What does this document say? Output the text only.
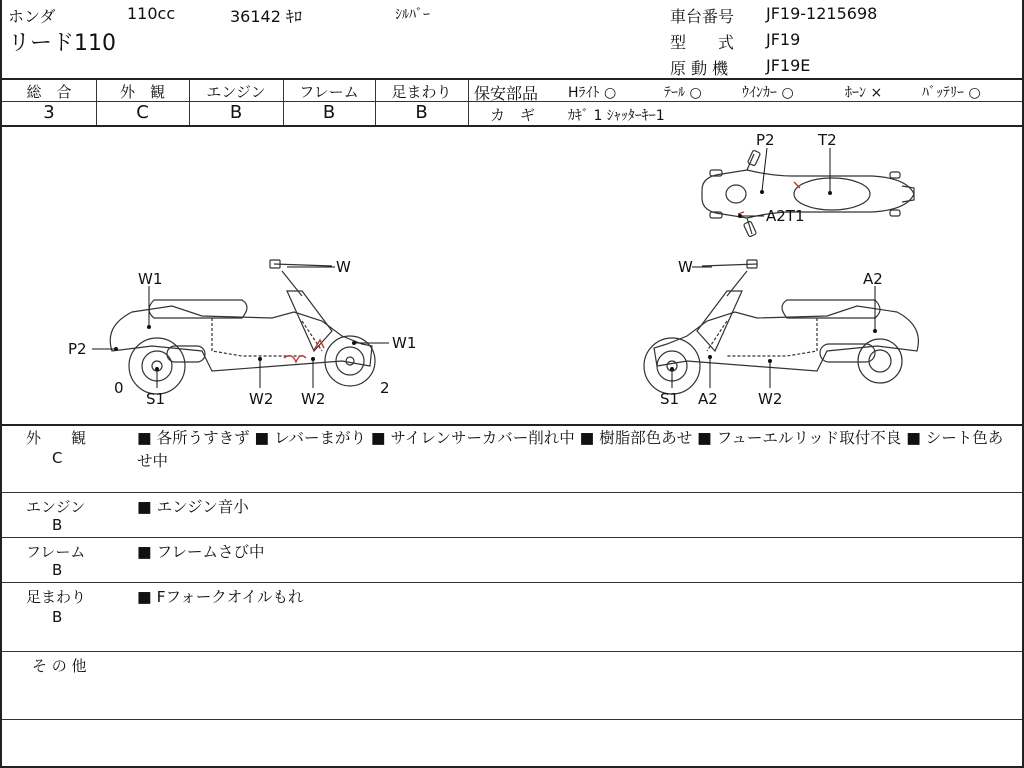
ホンダ	110cc	36142 ｷﾛ	ｼﾙﾊﾞｰ
リード110
車台番号 JF19-1215698
型　　式 JF19
原 動 機 JF19E
総　合	外　観	エンジン	フレーム	足まわり
3	C	B	B	B
保安部品 Hﾗｲﾄ ○	ﾃｰﾙ ○	ｳｲﾝｶｰ ○	ﾎｰﾝ ×	ﾊﾞｯﾃﾘｰ ○
カ　ギ ｶｷﾞ 1 ｼｬｯﾀｰｷｰ1
P2	T2
A2T1
W
W1
P2	W1
0
S1	W2 W2
2
W
A2
S1 A2	W2
外　　観
C
■ 各所うすきず ■ レバーまがり ■ サイレンサーカバー削れ中 ■ 樹脂部色あせ ■ フューエルリッド取付不良 ■ シート色あせ中
エンジン
B
■ エンジン音小
フレーム
B
■ フレームさび中
足まわり
B
■ Fフォークオイルもれ
そ の 他
